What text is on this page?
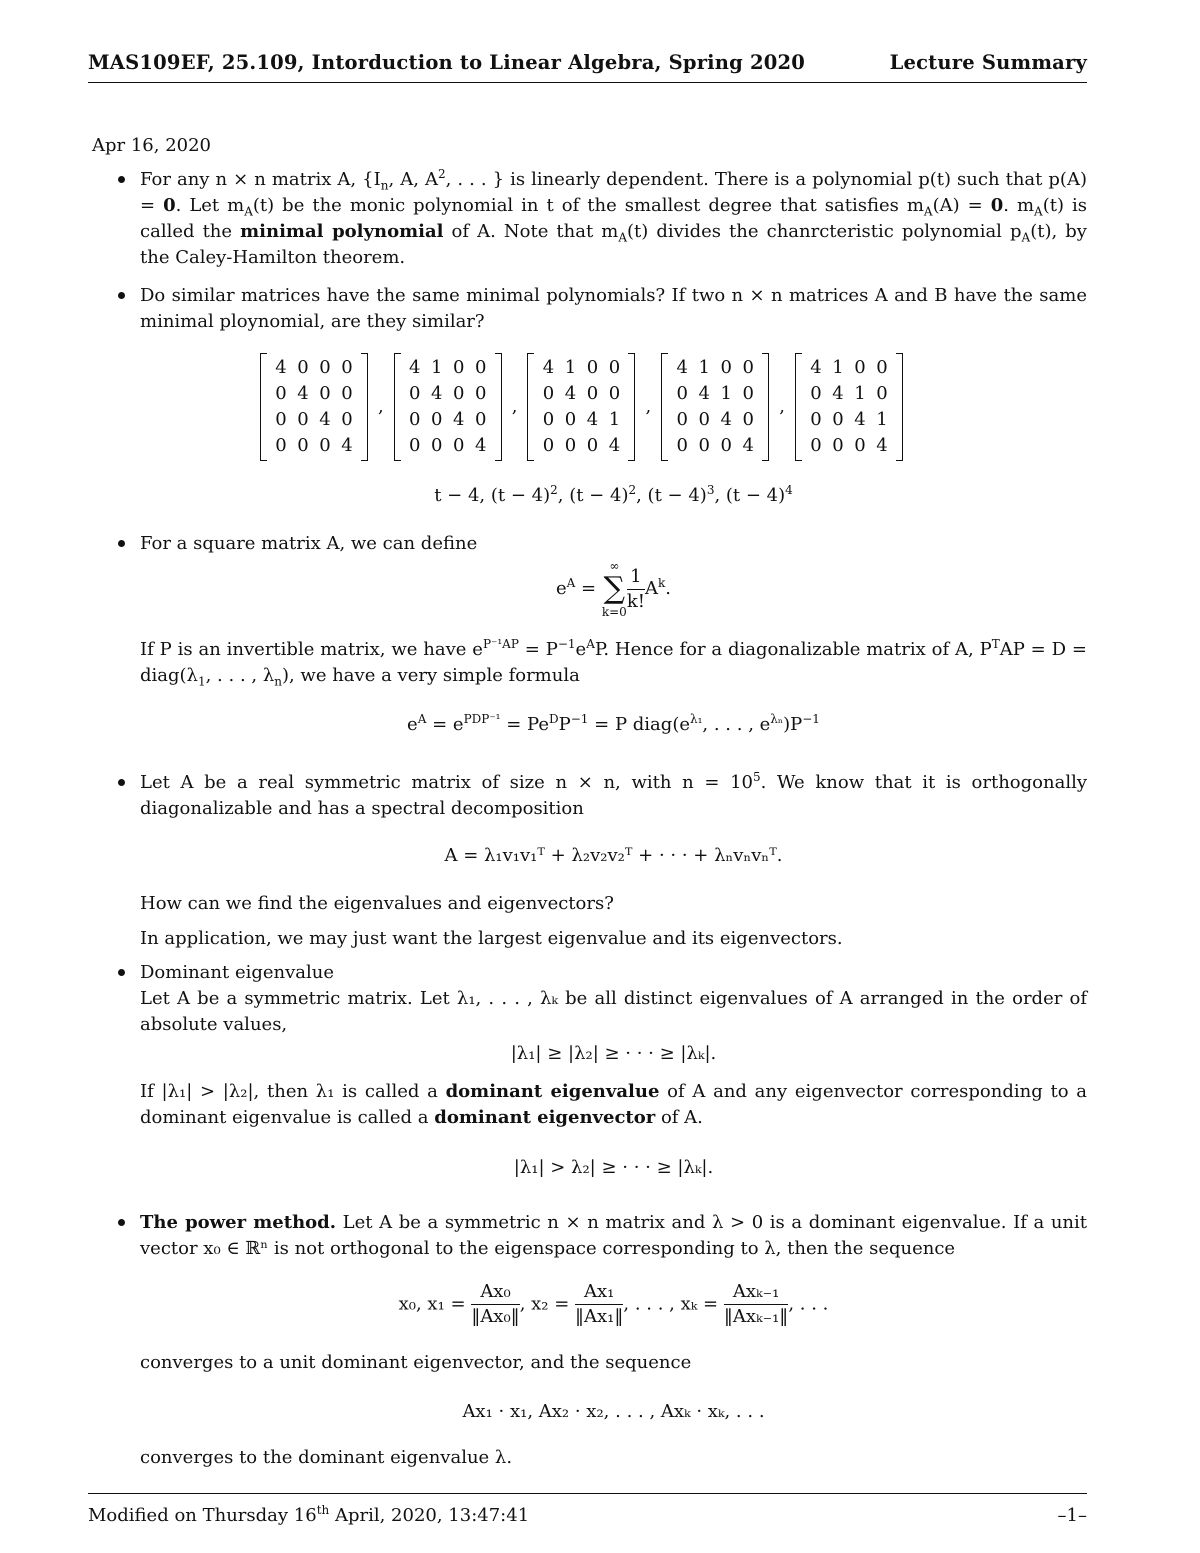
MAS109EF, 25.109, Intorduction to Linear Algebra, Spring 2020	Lecture Summary
Apr 16, 2020

For any n × n matrix A, {$I_n$, A, $A^2$, . . . } is linearly dependent. There is a polynomial p(t) such that p(A) = 0. Let $m_A(t)$ be the monic polynomial in t of the smallest degree that satisfies $m_A(A) = 0$. $m_A(t)$ is called the minimal polynomial of A. Note that $m_A(t)$ divides the chanrcteristic polynomial $p_A(t)$, by the Caley-Hamilton theorem.

Do similar matrices have the same minimal polynomials? If two n × n matrices A and B have the same minimal ploynomial, are they similar?

4 0 0 0
0 4 0 0
0 0 4 0
0 0 0 4
,
4 1 0 0
0 4 0 0
0 0 4 0
0 0 0 4
,
4 1 0 0
0 4 0 0
0 0 4 1
0 0 0 4
,
4 1 0 0
0 4 1 0
0 0 4 0
0 0 0 4
,
4 1 0 0
0 4 1 0
0 0 4 1
0 0 0 4
t − 4, $(t - 4)^2$, $(t - 4)^2$, $(t - 4)^3$, $(t - 4)^4$

For a square matrix A, we can define

$e^A$ =
∞
∑
$k=0 \frac{1}{k!} A^k$.

If P is an invertible matrix, we have $e^{P^{-1}AP} = P^{-1}e^AP$. Hence for a diagonalizable matrix of A, $P^TAP = D$ = $diag(\lambda_1$, . . . , $\lambda_n$), we have a very simple formula

$e^A = e^{PDP^{-1}} = Pe^DP^{-1} = P$ $diag(e^{\lambda_1}$, . . . , $e^{\lambda_n})P^{-1}$

Let A be a real symmetric matrix of size n × n, with $n = 10^5$. We know that it is orthogonally diagonalizable and has a spectral decomposition

A = λ₁v₁v₁ᵀ + λ₂v₂v₂ᵀ + · · · + λₙvₙvₙᵀ.

How can we find the eigenvalues and eigenvectors?

In application, we may just want the largest eigenvalue and its eigenvectors.

Dominant eigenvalue

Let A be a symmetric matrix. Let λ₁, . . . , λₖ be all distinct eigenvalues of A arranged in the order of absolute values,

|λ₁| ≥ |λ₂| ≥ · · · ≥ |λₖ|.

If |λ₁| > |λ₂|, then λ₁ is called a dominant eigenvalue of A and any eigenvector corresponding to a dominant eigenvalue is called a dominant eigenvector of A.

|λ₁| > λ₂| ≥ · · · ≥ |λₖ|.

The power method. Let A be a symmetric n × n matrix and λ > 0 is a dominant eigenvalue. If a unit vector x₀ ∈ ℝⁿ is not orthogonal to the eigenspace corresponding to λ, then the sequence

x₀, $x_1 = \frac{\text{Ax₀}}{\text{‖Ax₀‖}}$ , $x_2 = \frac{\text{Ax₁}}{\text{‖Ax₁‖}}$ , . . . , $x_k = \frac{\text{Axₖ₋₁}}{\text{‖Axₖ₋₁‖}}$ , . . .

converges to a unit dominant eigenvector, and the sequence

Ax₁ · x₁, Ax₂ · x₂, . . . , Axₖ · xₖ, . . .

converges to the dominant eigenvalue λ.

Modified on Thursday 16th April, 2020, 13:47:41	–1–
